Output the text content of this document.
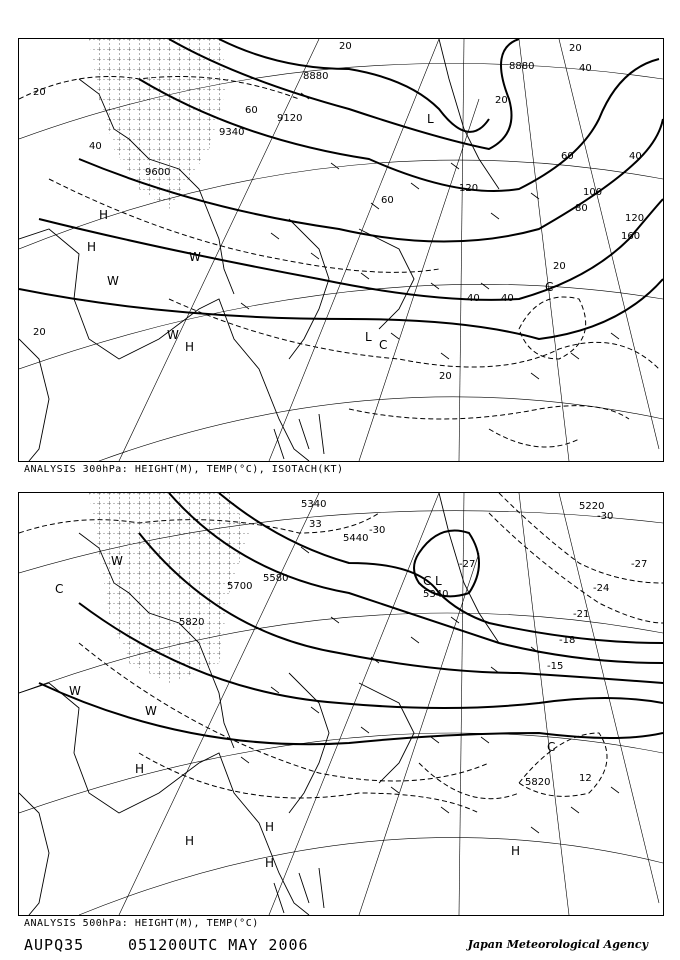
8880
9120
9340
9600
8880
20
20	20
20
20
20
20
40
40
40 40
40
60
60
60
80
100
120
120
160
L
L
H
H
H
W
W
W
C
C
ANALYSIS 300hPa: HEIGHT(M), TEMP(°C), ISOTACH(KT)
5340
5440
5580
5700
5820
5220
5340
5820
33
-30
-30
-27	-27
-24
-21
-18
-15
12
L
C
C
C
W
W
W
H
H
H
H
H
ANALYSIS 500hPa: HEIGHT(M), TEMP(°C)
AUPQ35	051200UTC MAY 2006	Japan Meteorological Agency
